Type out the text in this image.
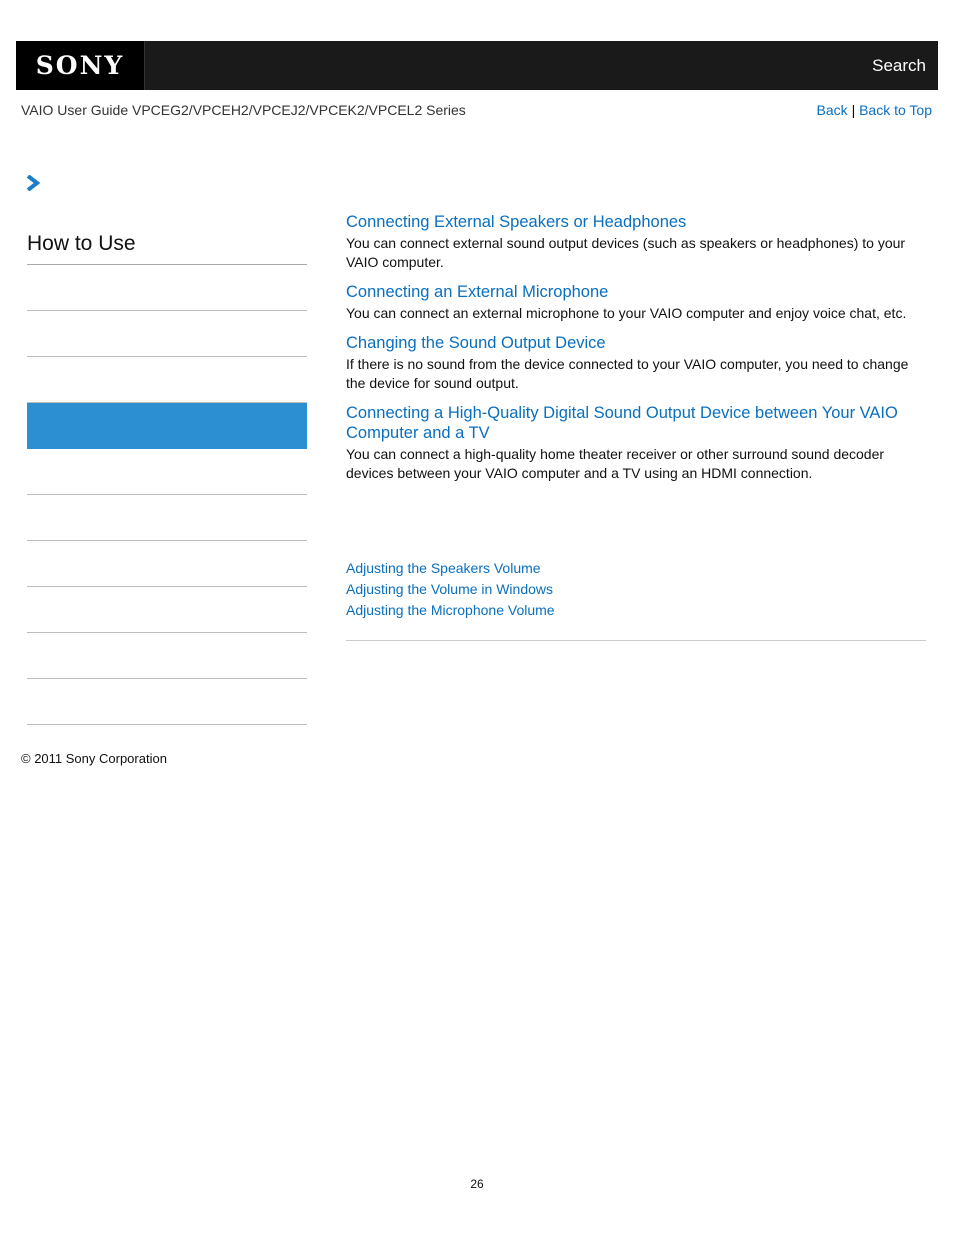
SONY	Search
VAIO User Guide VPCEG2/VPCEH2/VPCEJ2/VPCEK2/VPCEL2 Series	Back | Back to Top
How to Use
Connecting External Speakers or Headphones
You can connect external sound output devices (such as speakers or headphones) to your VAIO computer.
Connecting an External Microphone
You can connect an external microphone to your VAIO computer and enjoy voice chat, etc.
Changing the Sound Output Device
If there is no sound from the device connected to your VAIO computer, you need to change the device for sound output.
Connecting a High-Quality Digital Sound Output Device between Your VAIO Computer and a TV
You can connect a high-quality home theater receiver or other surround sound decoder devices between your VAIO computer and a TV using an HDMI connection.
Adjusting the Speakers Volume
Adjusting the Volume in Windows
Adjusting the Microphone Volume
© 2011 Sony Corporation
26
